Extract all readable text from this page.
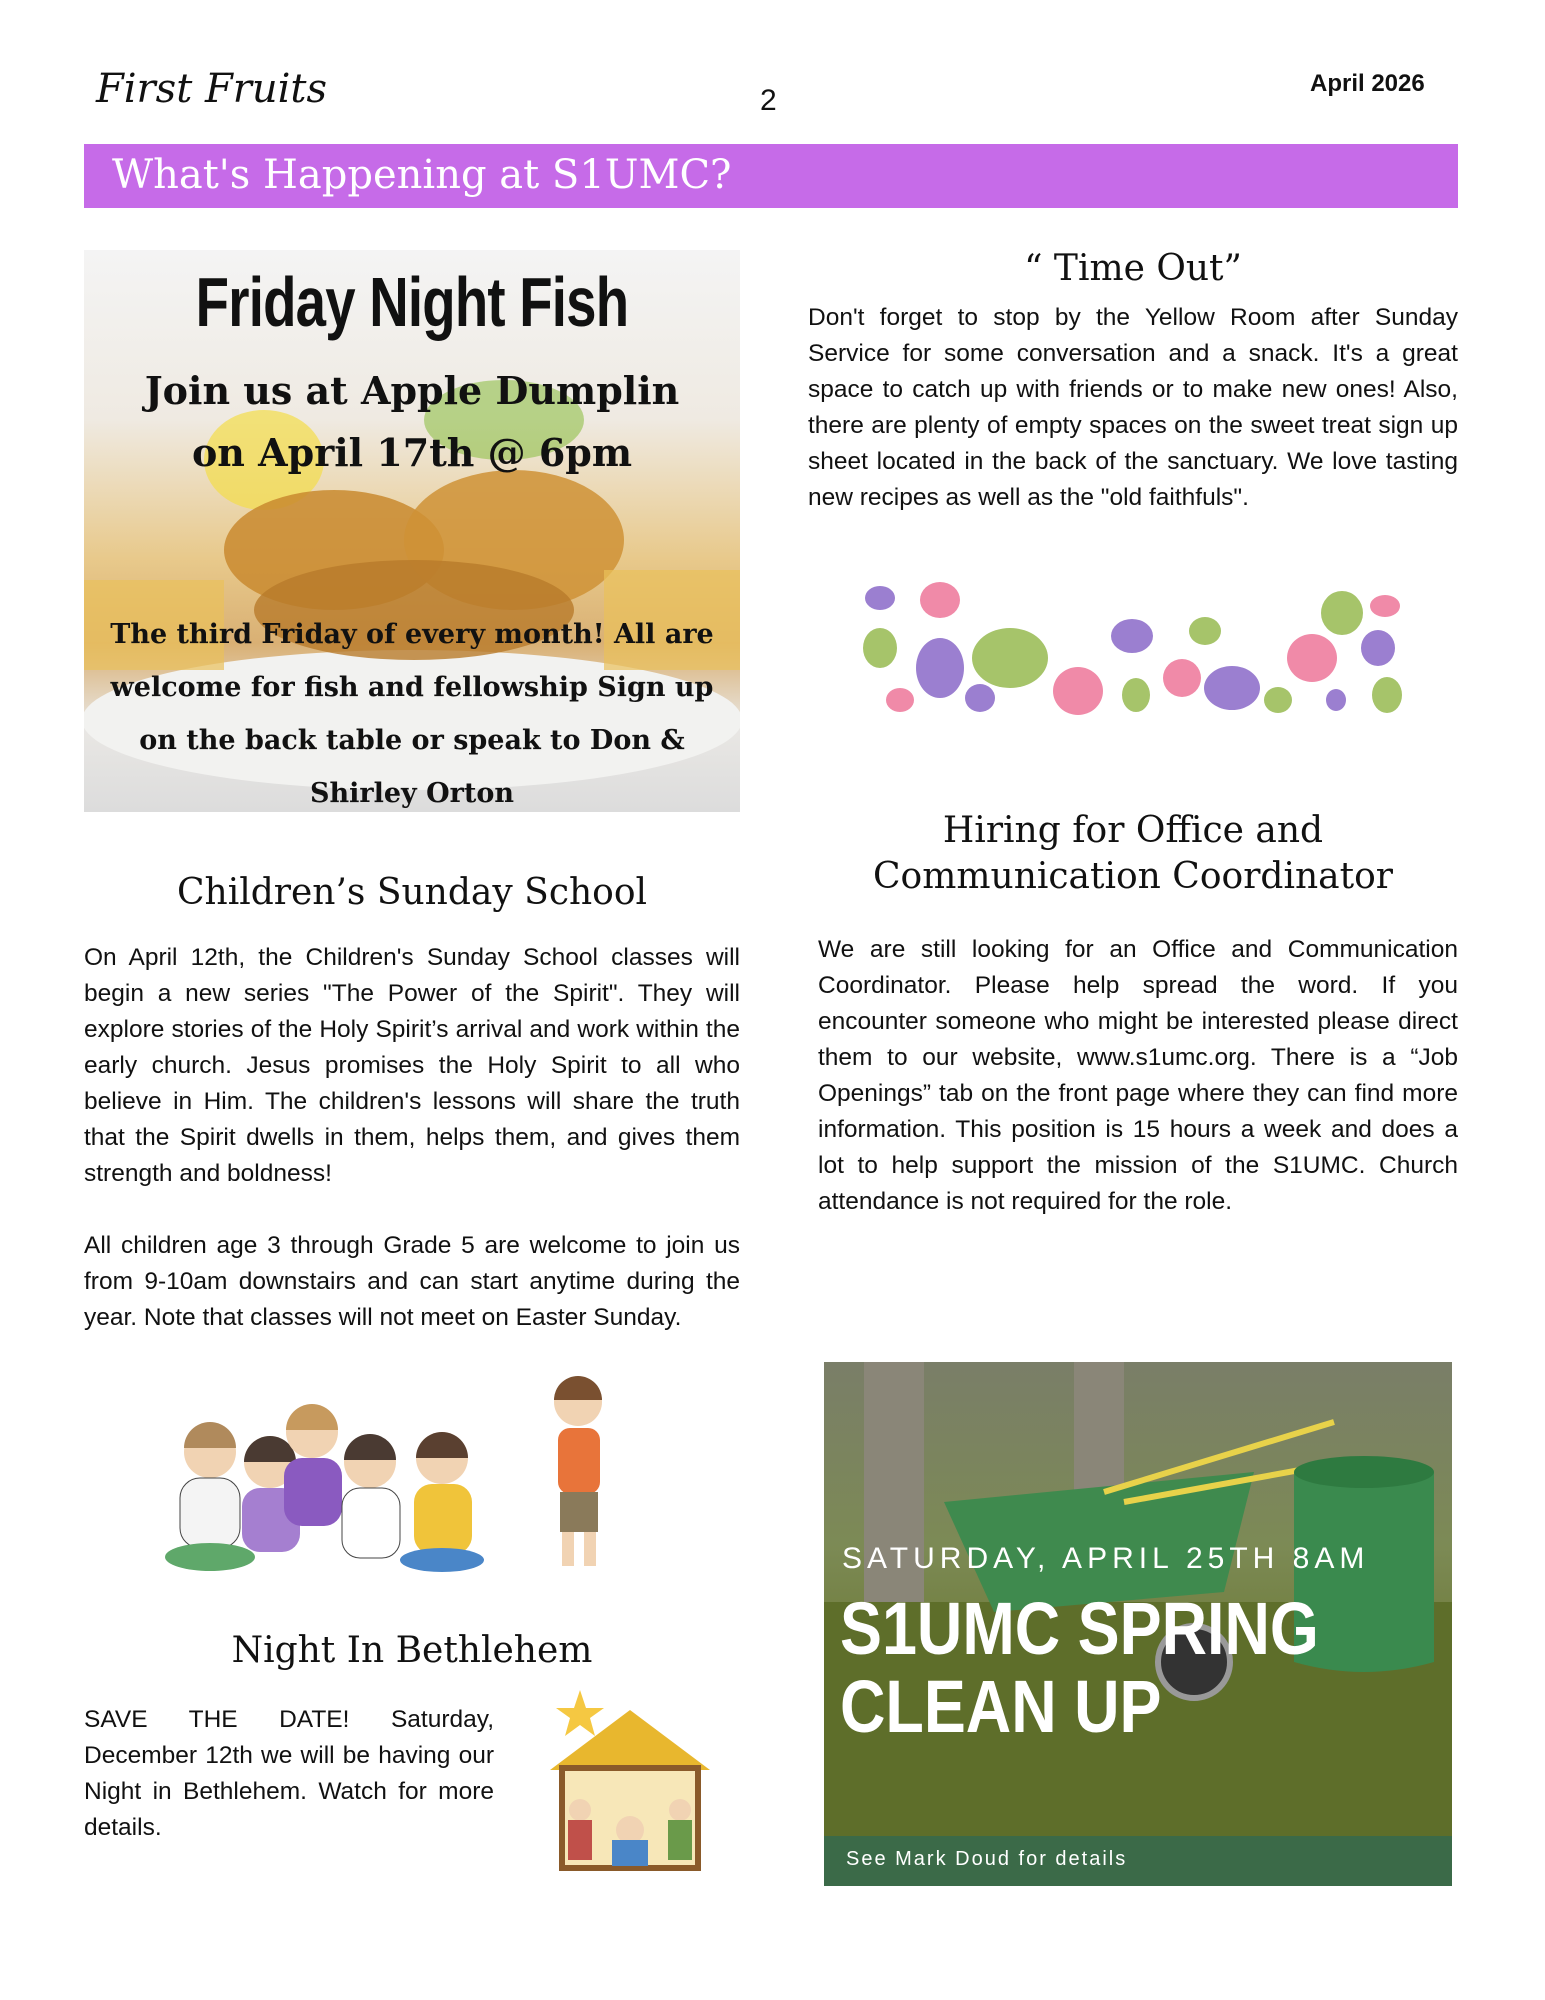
First Fruits	2
April 2026
What's Happening at S1UMC?
Friday Night Fish
Join us at Apple Dumplin
on April 17th @ 6pm
The third Friday of every month! All are
welcome for fish and fellowship Sign up
on the back table or speak to Don &
Shirley Orton
“ Time Out”

Don't forget to stop by the Yellow Room after Sunday Service for some conversation and a snack. It's a great space to catch up with friends or to make new ones! Also, there are plenty of empty spaces on the sweet treat sign up sheet located in the back of the sanctuary. We love tasting new recipes as well as the "old faithfuls".

Children’s Sunday School

On April 12th, the Children's Sunday School classes will begin a new series "The Power of the Spirit". They will explore stories of the Holy Spirit’s arrival and work within the early church. Jesus promises the Holy Spirit to all who believe in Him. The children's lessons will share the truth that the Spirit dwells in them, helps them, and gives them strength and boldness!

All children age 3 through Grade 5 are welcome to join us from 9-10am downstairs and can start anytime during the year. Note that classes will not meet on Easter Sunday.

Night In Bethlehem

SAVE THE DATE! Saturday, December 12th we will be having our Night in Bethlehem. Watch for more details.

Hiring for Office and
Communication Coordinator

We are still looking for an Office and Communication Coordinator. Please help spread the word. If you encounter someone who might be interested please direct them to our website, www.s1umc.org. There is a “Job Openings” tab on the front page where they can find more information. This position is 15 hours a week and does a lot to help support the mission of the S1UMC. Church attendance is not required for the role.

SATURDAY, APRIL 25TH 8AM
S1UMC SPRING
CLEAN UP
See Mark Doud for details
